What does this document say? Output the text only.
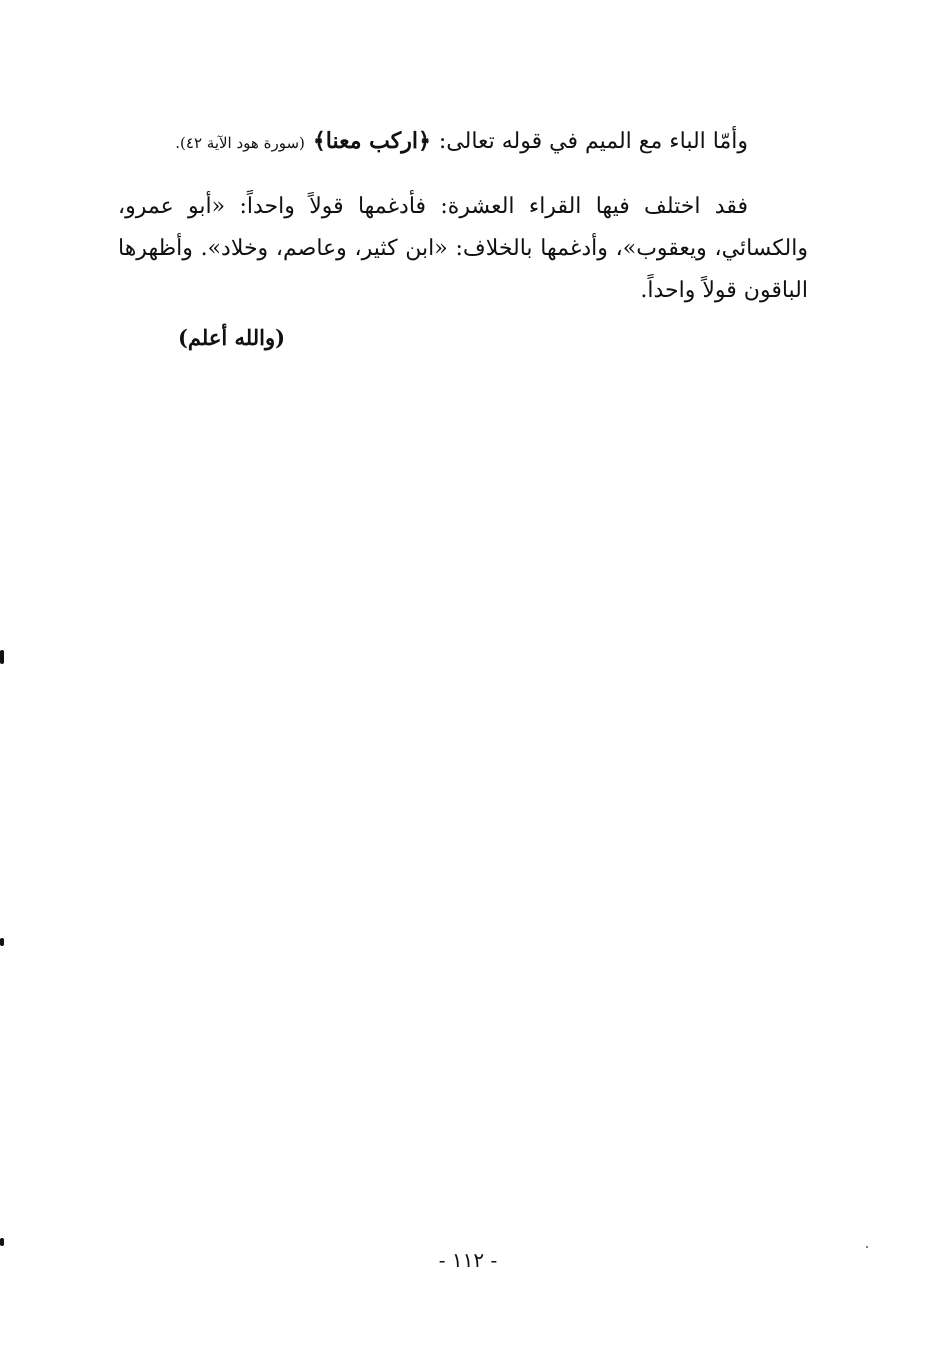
وأمّا الباء مع الميم في قوله تعالى:
﴿اركب معنا﴾
(سورة هود الآية ٤٢).
فقد اختلف فيها القراء العشرة: فأدغمها قولاً واحداً: «أبو عمرو، والكسائي، ويعقوب»، وأدغمها بالخلاف: «ابن كثير، وعاصم، وخلاد». وأظهرها الباقون قولاً واحداً.
(والله أعلم)
- ١١٢ -
